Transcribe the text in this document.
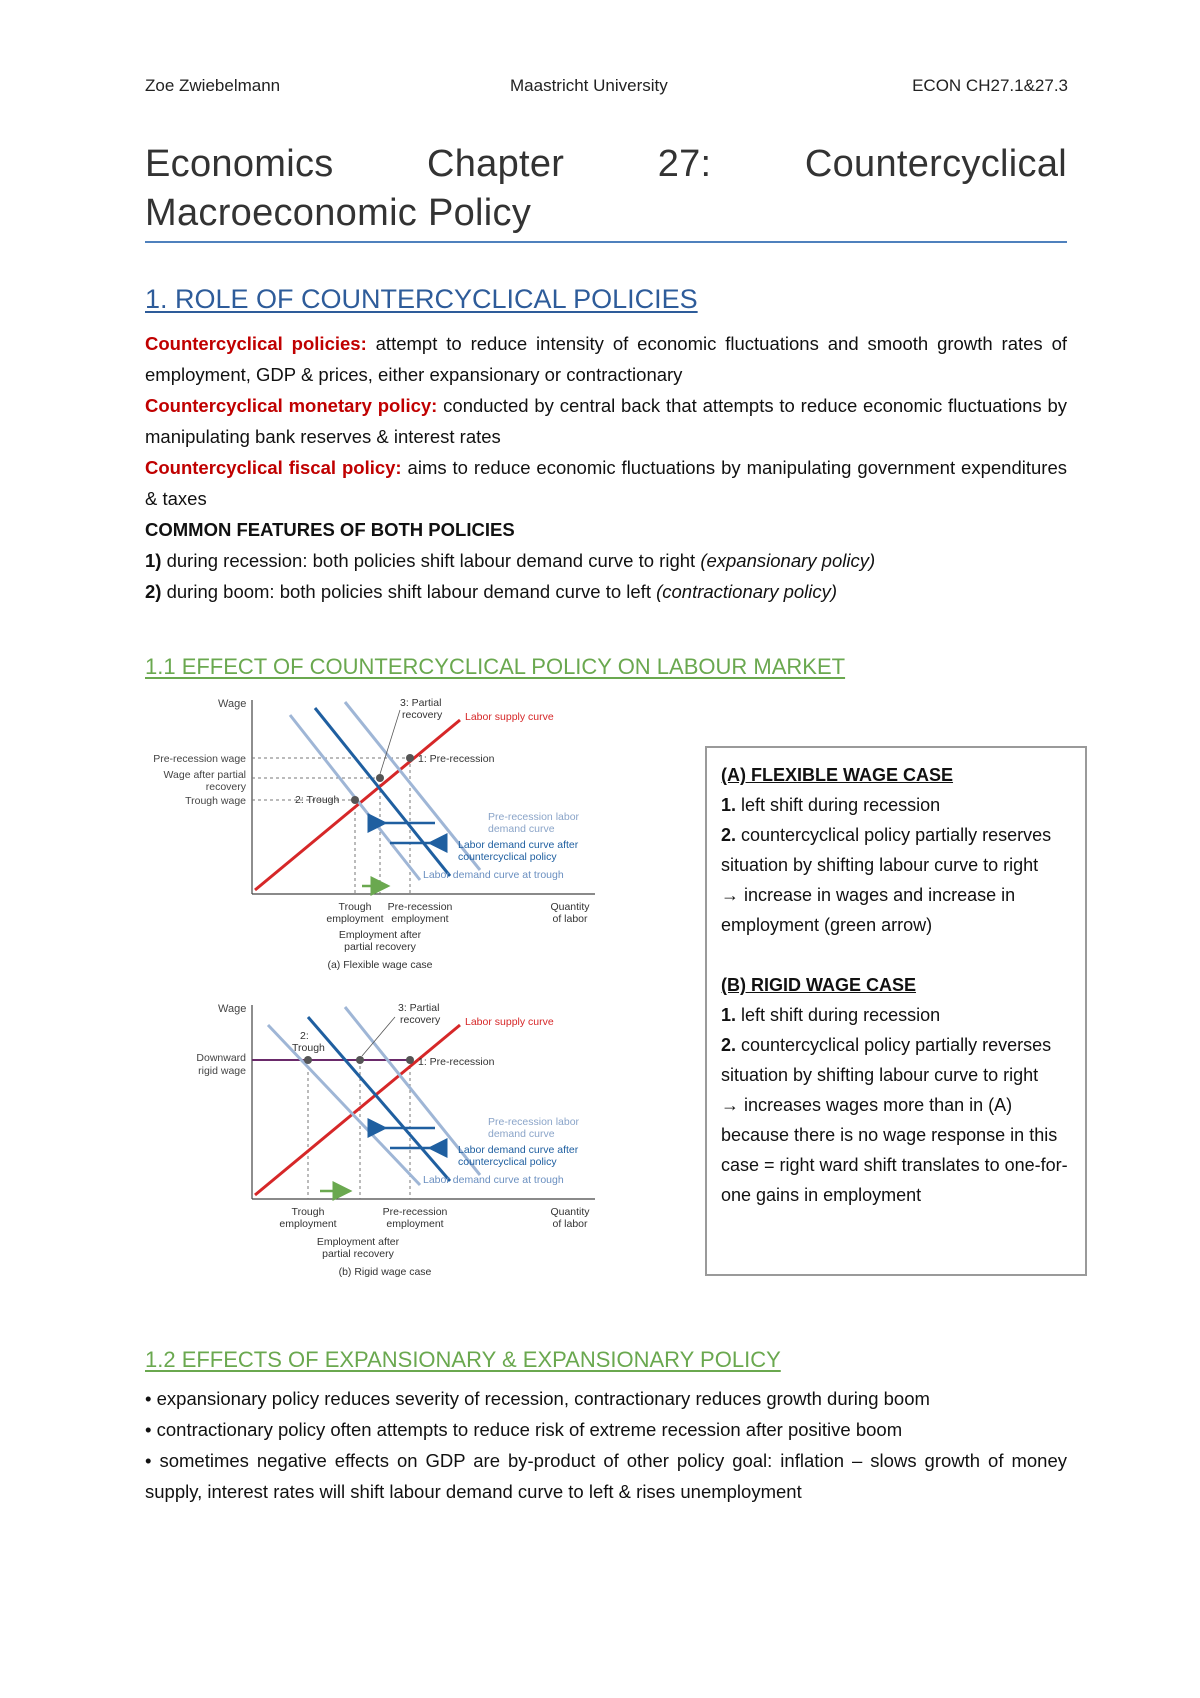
Zoe Zwiebelmann	Maastricht University	ECON CH27.1&27.3
Economics Chapter 27: Countercyclical
Macroeconomic Policy
1. ROLE OF COUNTERCYCLICAL POLICIES

Countercyclical policies: attempt to reduce intensity of economic fluctuations and smooth growth rates of employment, GDP & prices, either expansionary or contractionary

Countercyclical monetary policy: conducted by central back that attempts to reduce economic fluctuations by manipulating bank reserves & interest rates

Countercyclical fiscal policy: aims to reduce economic fluctuations by manipulating government expenditures & taxes

COMMON FEATURES OF BOTH POLICIES

1) during recession: both policies shift labour demand curve to right (expansionary policy)

2) during boom: both policies shift labour demand curve to left (contractionary policy)

1.1 EFFECT OF COUNTERCYCLICAL POLICY ON LABOUR MARKET
Wage
Pre-recession wage
Wage after partial
recovery
Trough wage
3: Partial
recovery
1: Pre-recession
2: Trough
Labor supply curve
Pre-recession labor
demand curve
Labor demand curve after
countercyclical policy
Labor demand curve at trough
Trough
employment
Pre-recession
employment
Quantity
of labor
Employment after
partial recovery
(a) Flexible wage case
Wage
Downward
rigid wage
3: Partial
recovery
1: Pre-recession
2:
Trough
Labor supply curve
Pre-recession labor
demand curve
Labor demand curve after
countercyclical policy
Labor demand curve at trough
Trough
employment
Pre-recession
employment
Quantity
of labor
Employment after
partial recovery
(b) Rigid wage case

(A) FLEXIBLE WAGE CASE

1. left shift during recession

2. countercyclical policy partially reserves situation by shifting labour curve to right

→ increase in wages and increase in employment (green arrow)

(B) RIGID WAGE CASE

1. left shift during recession

2. countercyclical policy partially reverses situation by shifting labour curve to right

→ increases wages more than in (A) because there is no wage response in this case = right ward shift translates to one-for-one gains in employment

1.2 EFFECTS OF EXPANSIONARY & EXPANSIONARY POLICY

• expansionary policy reduces severity of recession, contractionary reduces growth during boom

• contractionary policy often attempts to reduce risk of extreme recession after positive boom

• sometimes negative effects on GDP are by-product of other policy goal: inflation – slows growth of money supply, interest rates will shift labour demand curve to left & rises unemployment
